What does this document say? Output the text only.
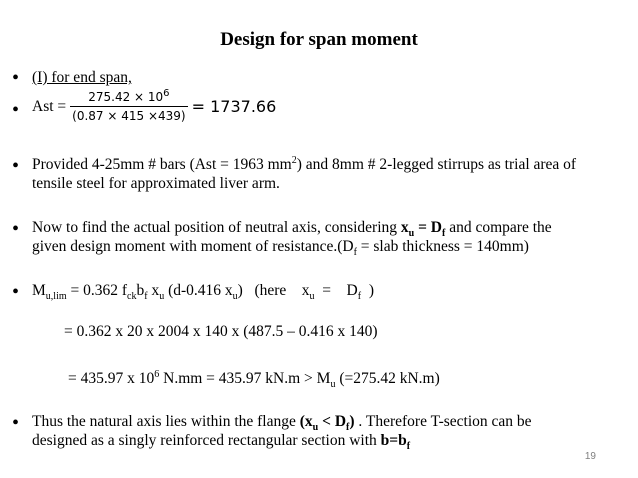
Design for span moment
• (I) for end span,
• Ast = $\frac{275.42 \times 10^6}{(0.87 \times 415 \times 439)} = 1737.66$
• Provided 4-25mm # bars (Ast = 1963 $mm^2$) and 8mm # 2-legged stirrups as trial area of
tensile steel for approximated liver arm.
• Now to find the actual position of neutral axis, considering $x_u = D_f$ and compare the
given design moment with moment of $resistance.(D_f$ = slab thickness = 140mm)
• $M_{u,lim} = 0.362$ $f_{ck}b_f$ $x_u$ (d-0.416 $x_u$)   (here    $x_u$  =    $D_f$  )
= 0.362 x 20 x 2004 x 140 x (487.5 – 0.416 x 140)
= 435.97 x $10^6$ N.mm = 435.97 $kN.m > M_u$ (=275.42 kN.m)
• Thus the natural axis lies within the flange $(x_u < D_f)$ . Therefore T-section can be
designed as a singly reinforced rectangular section with $b=b_f$
19
